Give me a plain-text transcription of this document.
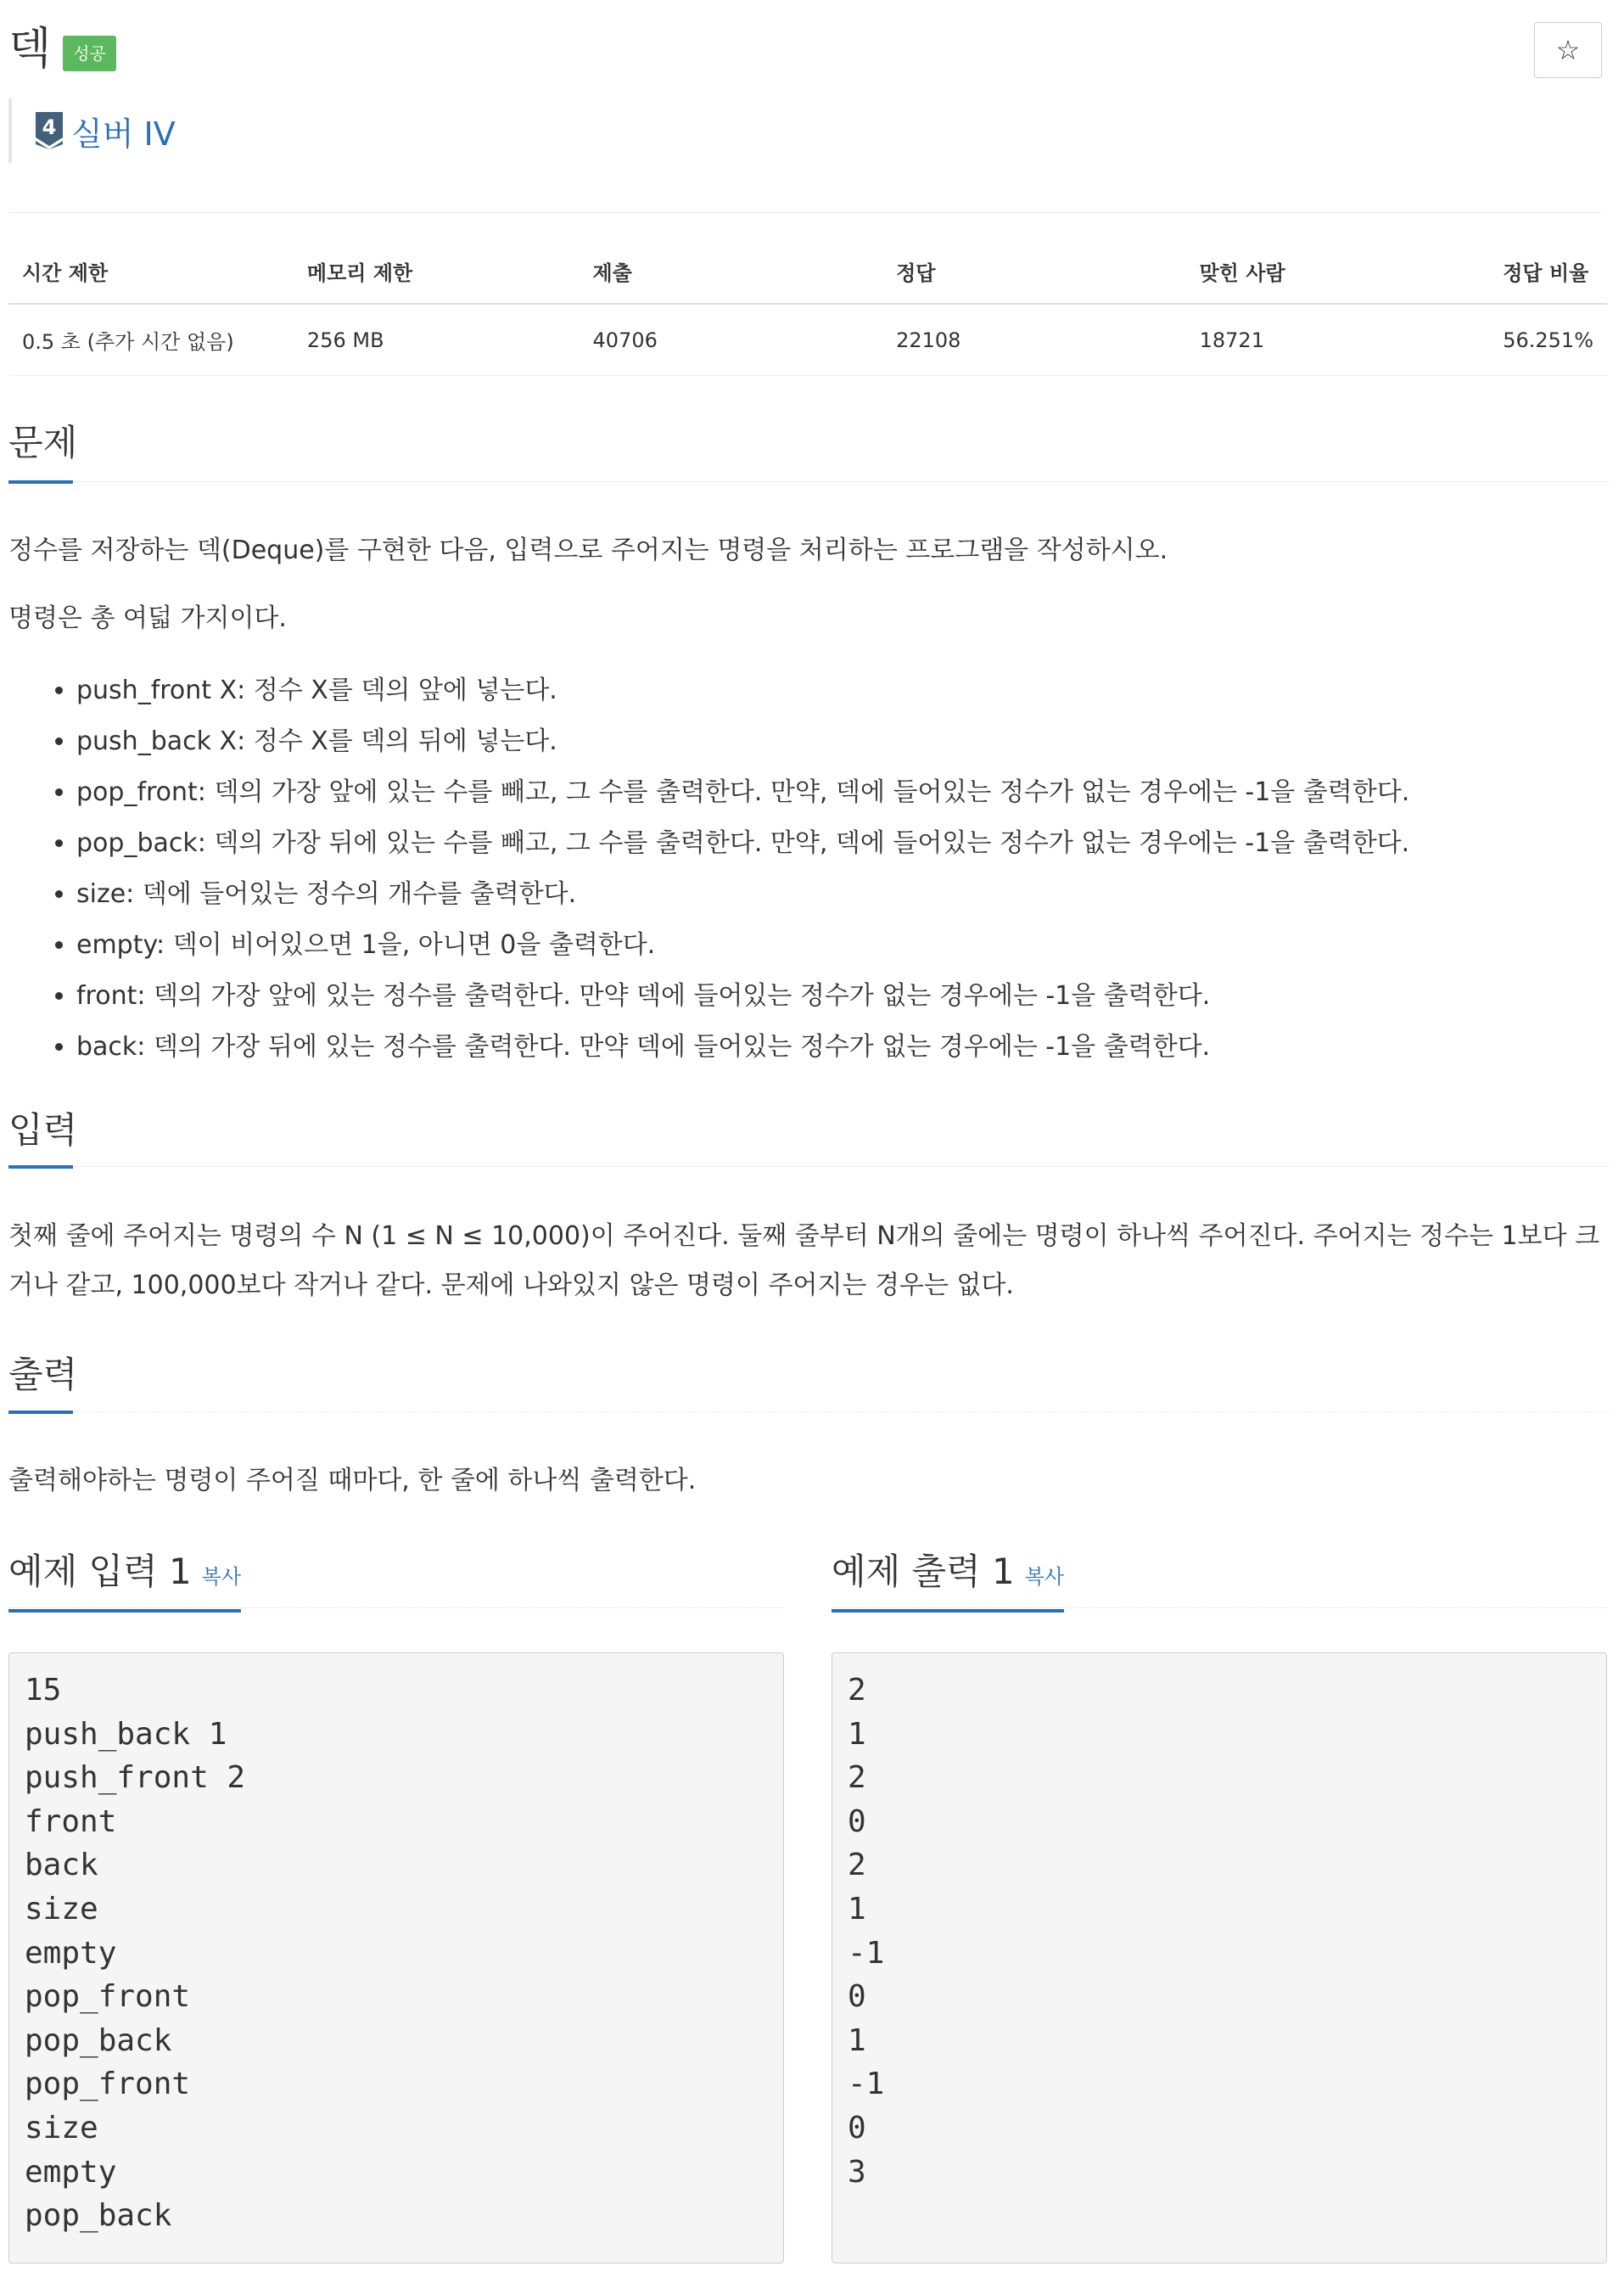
덱	성공	☆
4 실버 IV
시간 제한	메모리 제한	제출	정답	맞힌 사람	정답 비율
0.5 초 (추가 시간 없음)	256 MB	40706	22108	18721	56.251%
문제

정수를 저장하는 덱(Deque)를 구현한 다음, 입력으로 주어지는 명령을 처리하는 프로그램을 작성하시오.

명령은 총 여덟 가지이다.

• push_front X: 정수 X를 덱의 앞에 넣는다.
• push_back X: 정수 X를 덱의 뒤에 넣는다.
• pop_front: 덱의 가장 앞에 있는 수를 빼고, 그 수를 출력한다. 만약, 덱에 들어있는 정수가 없는 경우에는 -1을 출력한다.
• pop_back: 덱의 가장 뒤에 있는 수를 빼고, 그 수를 출력한다. 만약, 덱에 들어있는 정수가 없는 경우에는 -1을 출력한다.
• size: 덱에 들어있는 정수의 개수를 출력한다.
• empty: 덱이 비어있으면 1을, 아니면 0을 출력한다.
• front: 덱의 가장 앞에 있는 정수를 출력한다. 만약 덱에 들어있는 정수가 없는 경우에는 -1을 출력한다.
• back: 덱의 가장 뒤에 있는 정수를 출력한다. 만약 덱에 들어있는 정수가 없는 경우에는 -1을 출력한다.
입력

첫째 줄에 주어지는 명령의 수 N (1 ≤ N ≤ 10,000)이 주어진다. 둘째 줄부터 N개의 줄에는 명령이 하나씩 주어진다. 주어지는 정수는 1보다 크거나 같고, 100,000보다 작거나 같다. 문제에 나와있지 않은 명령이 주어지는 경우는 없다.

출력

출력해야하는 명령이 주어질 때마다, 한 줄에 하나씩 출력한다.

예제 입력 1 복사
15
push_back 1
push_front 2
front
back
size
empty
pop_front
pop_back
pop_front
size
empty
pop_back
예제 출력 1 복사
2
1
2
0
2
1
-1
0
1
-1
0
3
